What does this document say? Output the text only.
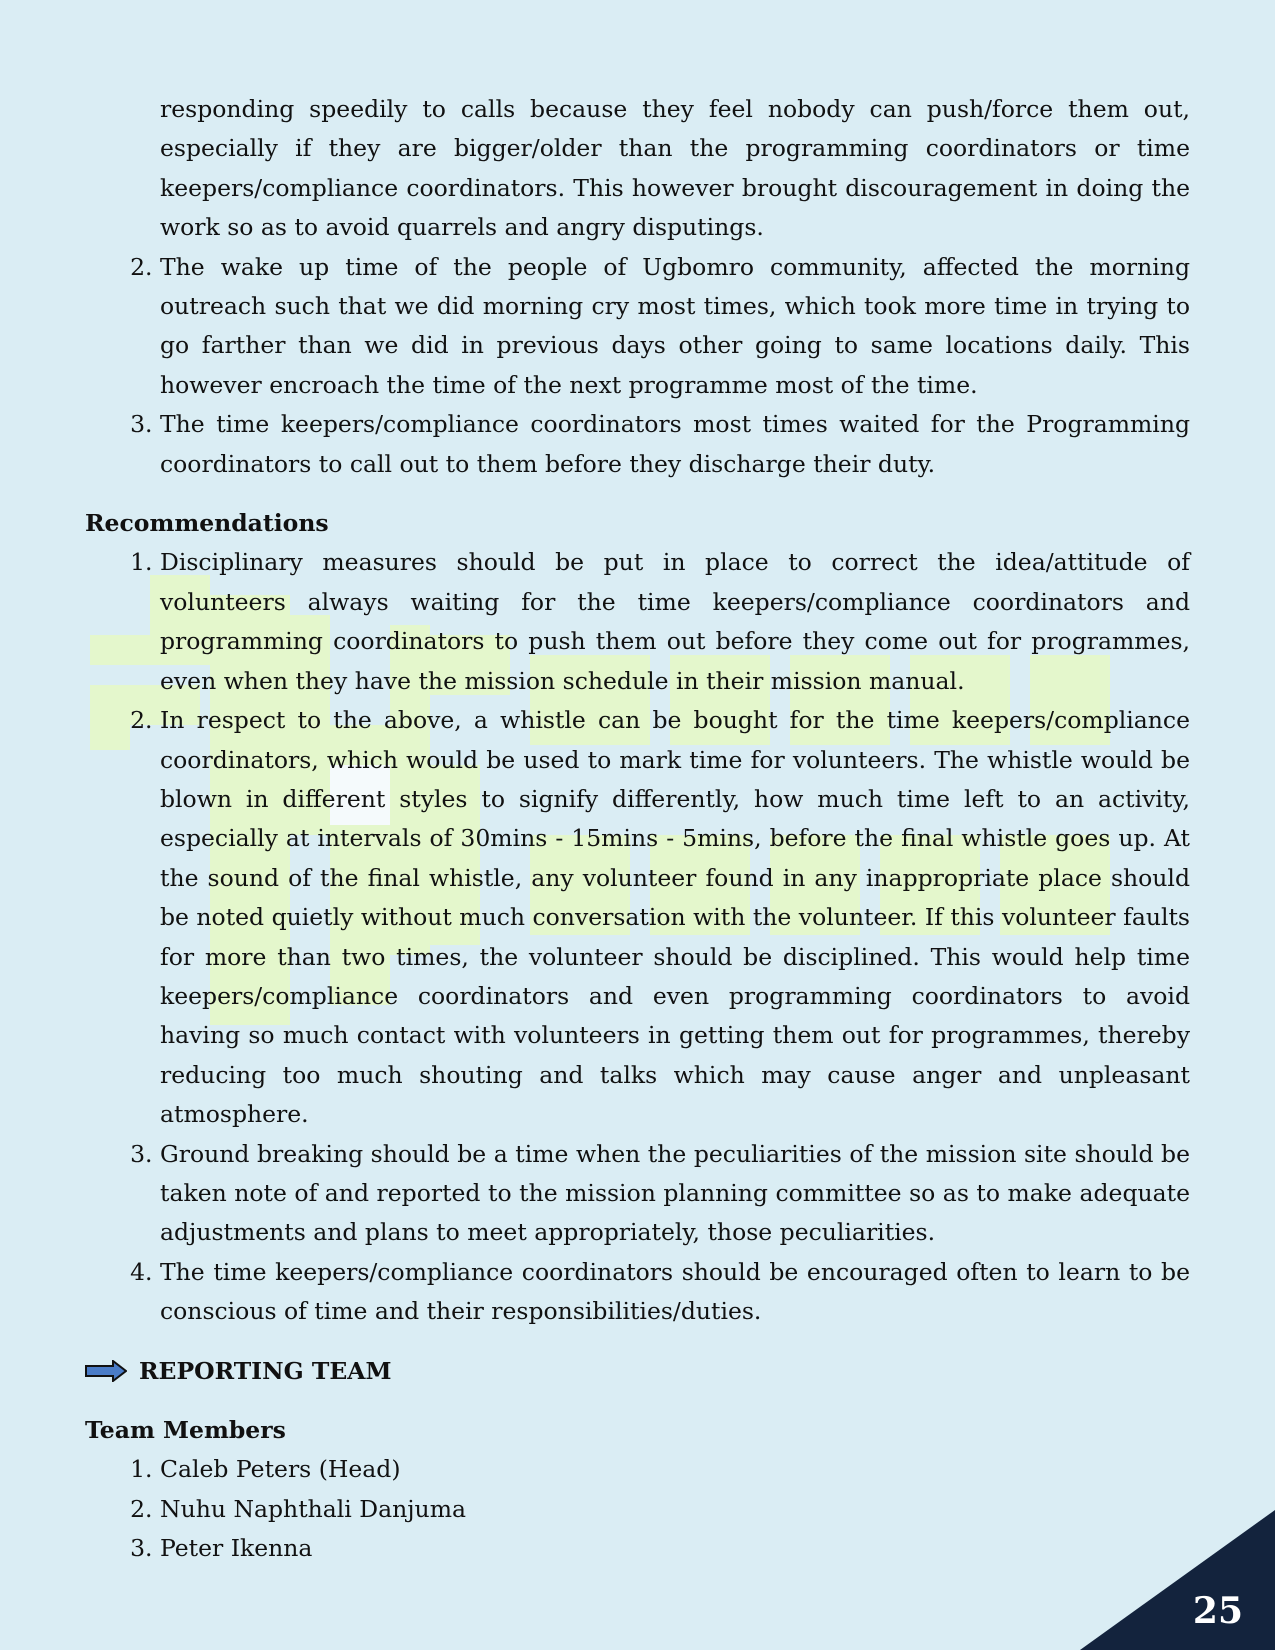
responding speedily to calls because they feel nobody can push/force them out, especially if they are bigger/older than the programming coordinators or time keepers/compliance coordinators. This however brought discouragement in doing the work so as to avoid quarrels and angry disputings.

2. The wake up time of the people of Ugbomro community, affected the morning outreach such that we did morning cry most times, which took more time in trying to go farther than we did in previous days other going to same locations daily. This however encroach the time of the next programme most of the time.
3. The time keepers/compliance coordinators most times waited for the Programming coordinators to call out to them before they discharge their duty.

Recommendations

1. Disciplinary measures should be put in place to correct the idea/attitude of volunteers always waiting for the time keepers/compliance coordinators and programming coordinators to push them out before they come out for programmes, even when they have the mission schedule in their mission manual.
2. In respect to the above, a whistle can be bought for the time keepers/compliance coordinators, which would be used to mark time for volunteers. The whistle would be blown in different styles to signify differently, how much time left to an activity, especially at intervals of 30mins - 15mins - 5mins, before the final whistle goes up. At the sound of the final whistle, any volunteer found in any inappropriate place should be noted quietly without much conversation with the volunteer. If this volunteer faults for more than two times, the volunteer should be disciplined. This would help time keepers/compliance coordinators and even programming coordinators to avoid having so much contact with volunteers in getting them out for programmes, thereby reducing too much shouting and talks which may cause anger and unpleasant atmosphere.
3. Ground breaking should be a time when the peculiarities of the mission site should be taken note of and reported to the mission planning committee so as to make adequate adjustments and plans to meet appropriately, those peculiarities.
4. The time keepers/compliance coordinators should be encouraged often to learn to be conscious of time and their responsibilities/duties.
REPORTING TEAM

Team Members

1. Caleb Peters (Head)
2. Nuhu Naphthali Danjuma
3. Peter Ikenna
25
